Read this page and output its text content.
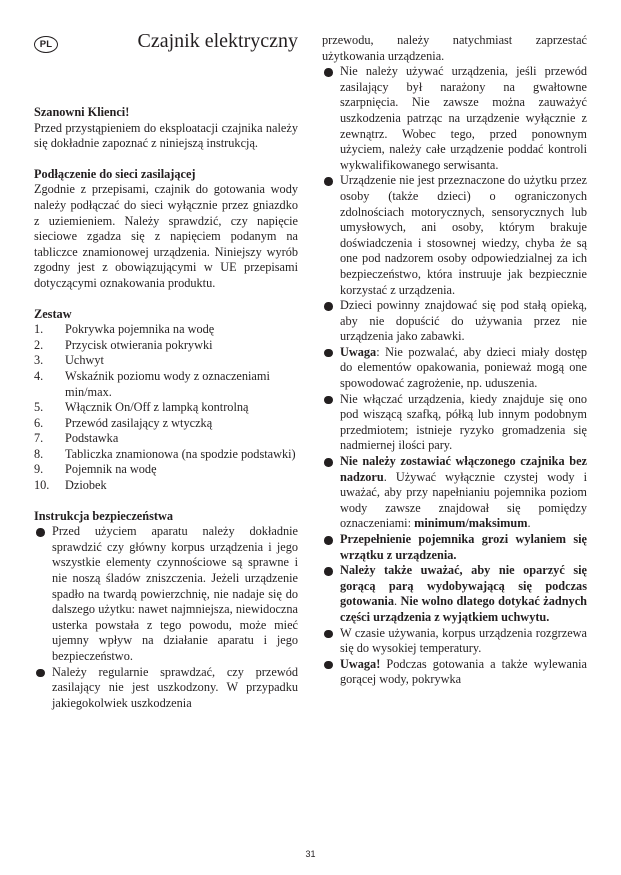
PL	Czajnik elektryczny

Szanowni Klienci!

Przed przystąpieniem do eksploatacji czajnika należy się dokładnie zapoznać z niniejszą instrukcją.

Podłączenie do sieci zasilającej

Zgodnie z przepisami, czajnik do gotowania wody należy podłączać do sieci wyłącznie przez gniazdko z uziemieniem. Należy sprawdzić, czy napięcie sieciowe zgadza się z napięciem podanym na tabliczce znamionowej urządzenia. Niniejszy wyrób zgodny jest z obowiązującymi w UE przepisami dotyczącymi oznakowania produktu.

Zestaw

1. Pokrywka pojemnika na wodę
2. Przycisk otwierania pokrywki
3. Uchwyt
4. Wskaźnik poziomu wody z oznaczeniami min/max.
5. Włącznik On/Off z lampką kontrolną
6. Przewód zasilający z wtyczką
7. Podstawka
8. Tabliczka znamionowa (na spodzie podstawki)
9. Pojemnik na wodę
10. Dziobek

Instrukcja bezpieczeństwa

Przed użyciem aparatu należy dokładnie sprawdzić czy główny korpus urządzenia i jego wszystkie elementy czynnościowe są sprawne i nie noszą śladów zniszczenia. Jeżeli urządzenie spadło na twardą powierzchnię, nie nadaje się do dalszego użytku: nawet najmniejsza, niewidoczna usterka powstała z tego powodu, może mieć ujemny wpływ na działanie aparatu i jego bezpieczeństwo.
Należy regularnie sprawdzać, czy przewód zasilający nie jest uszkodzony. W przypadku jakiegokolwiek uszkodzenia

przewodu, należy natychmiast zaprzestać użytkowania urządzenia.

Nie należy używać urządzenia, jeśli przewód zasilający był narażony na gwałtowne szarpnięcia. Nie zawsze można zauważyć uszkodzenia patrząc na urządzenie wyłącznie z zewnątrz. Wobec tego, przed ponownym użyciem, należy całe urządzenie poddać kontroli wykwalifikowanego serwisanta.
Urządzenie nie jest przeznaczone do użytku przez osoby (także dzieci) o ograniczonych zdolnościach motorycznych, sensorycznych lub umysłowych, ani osoby, którym brakuje doświadczenia i stosownej wiedzy, chyba że są one pod nadzorem osoby odpowiedzialnej za ich bezpieczeństwo, która instruuje jak bezpiecznie korzystać z urządzenia.
Dzieci powinny znajdować się pod stałą opieką, aby nie dopuścić do używania przez nie urządzenia jako zabawki.
Uwaga: Nie pozwalać, aby dzieci miały dostęp do elementów opakowania, ponieważ mogą one spowodować zagrożenie, np. uduszenia.
Nie włączać urządzenia, kiedy znajduje się ono pod wiszącą szafką, półką lub innym podobnym przedmiotem; istnieje ryzyko gromadzenia się nadmiernej ilości pary.
Nie należy zostawiać włączonego czajnika bez nadzoru. Używać wyłącznie czystej wody i uważać, aby przy napełnianiu pojemnika poziom wody zawsze znajdował się pomiędzy oznaczeniami: minimum/maksimum.
Przepełnienie pojemnika grozi wylaniem się wrzątku z urządzenia.
Należy także uważać, aby nie oparzyć się gorącą parą wydobywającą się podczas gotowania. Nie wolno dlatego dotykać żadnych części urządzenia z wyjątkiem uchwytu.
W czasie używania, korpus urządzenia rozgrzewa się do wysokiej temperatury.
Uwaga! Podczas gotowania a także wylewania gorącej wody, pokrywka
31
